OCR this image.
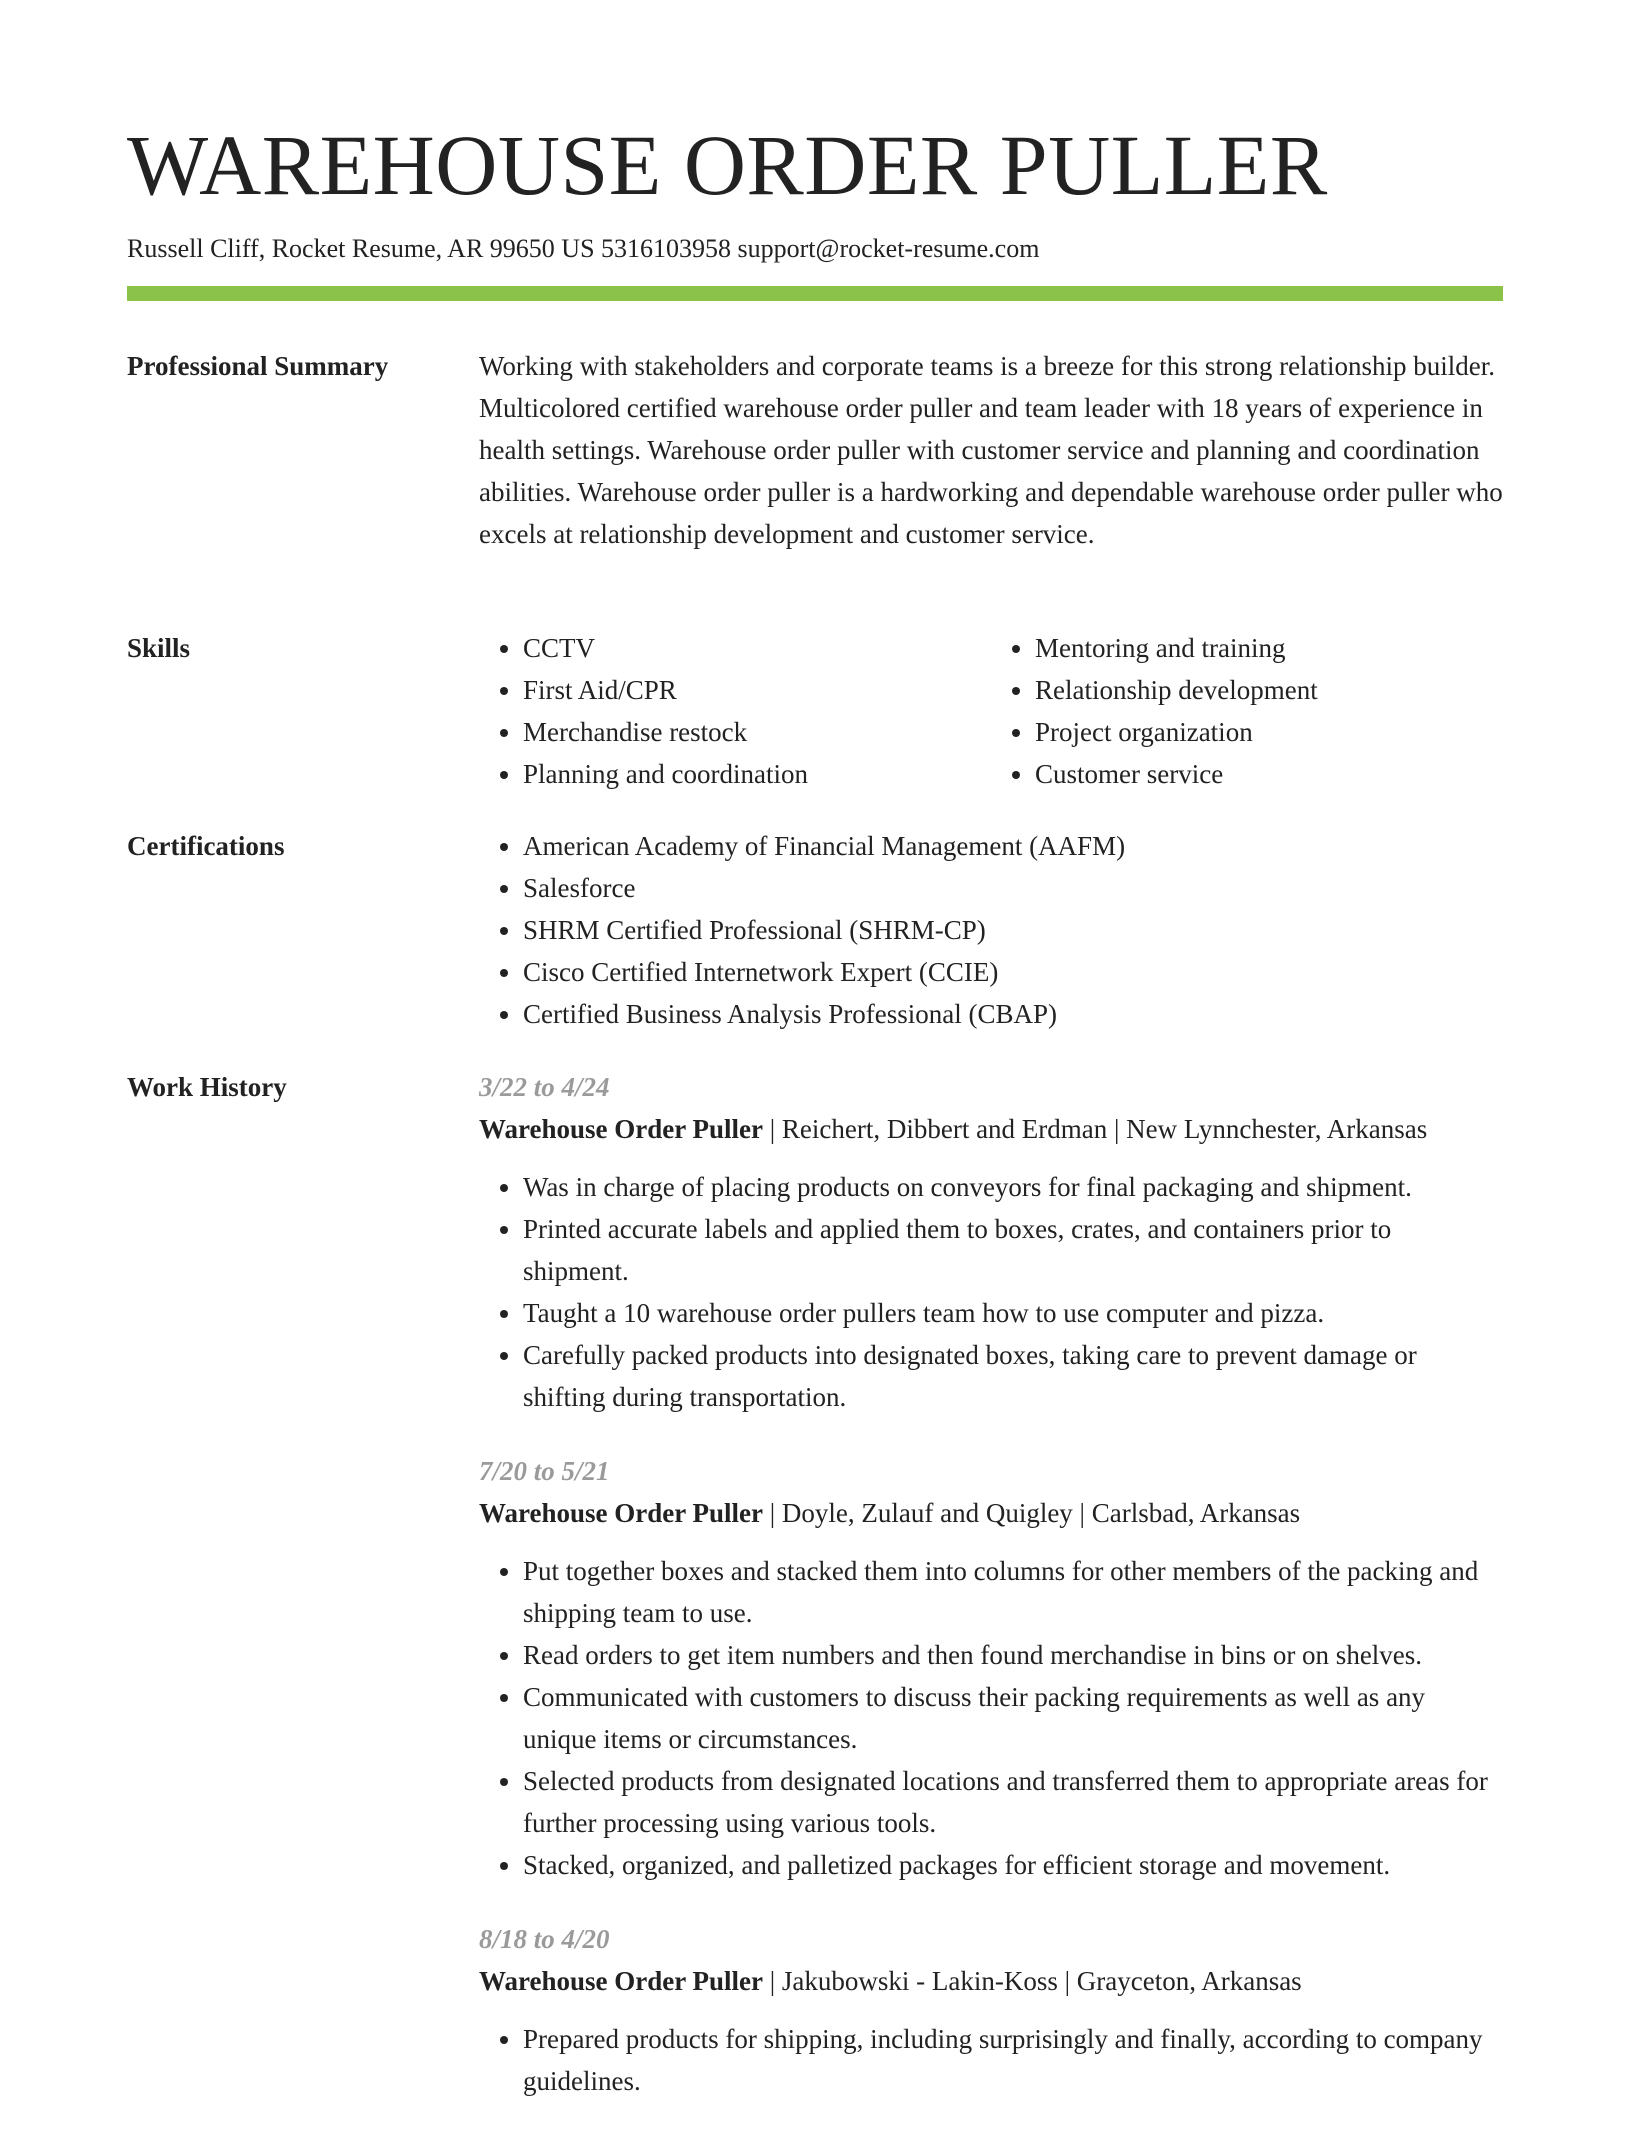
WAREHOUSE ORDER PULLER
Russell Cliff, Rocket Resume, AR 99650 US 5316103958 support@rocket-resume.com
Professional Summary	Working with stakeholders and corporate teams is a breeze for this strong relationship builder. Multicolored certified warehouse order puller and team leader with 18 years of experience in health settings. Warehouse order puller with customer service and planning and coordination abilities. Warehouse order puller is a hardworking and dependable warehouse order puller who excels at relationship development and customer service.

Skills	• CCTV
• First Aid/CPR
• Merchandise restock
• Planning and coordination
• Mentoring and training
• Relationship development
• Project organization
• Customer service
Certifications	• American Academy of Financial Management (AAFM)
• Salesforce
• SHRM Certified Professional (SHRM-CP)
• Cisco Certified Internetwork Expert (CCIE)
• Certified Business Analysis Professional (CBAP)
Work History	3/22 to 4/24
Warehouse Order Puller | Reichert, Dibbert and Erdman | New Lynnchester, Arkansas
• Was in charge of placing products on conveyors for final packaging and shipment.
• Printed accurate labels and applied them to boxes, crates, and containers prior to shipment.
• Taught a 10 warehouse order pullers team how to use computer and pizza.
• Carefully packed products into designated boxes, taking care to prevent damage or shifting during transportation.
7/20 to 5/21
Warehouse Order Puller | Doyle, Zulauf and Quigley | Carlsbad, Arkansas
• Put together boxes and stacked them into columns for other members of the packing and shipping team to use.
• Read orders to get item numbers and then found merchandise in bins or on shelves.
• Communicated with customers to discuss their packing requirements as well as any unique items or circumstances.
• Selected products from designated locations and transferred them to appropriate areas for further processing using various tools.
• Stacked, organized, and palletized packages for efficient storage and movement.
8/18 to 4/20
Warehouse Order Puller | Jakubowski - Lakin-Koss | Grayceton, Arkansas
• Prepared products for shipping, including surprisingly and finally, according to company guidelines.
